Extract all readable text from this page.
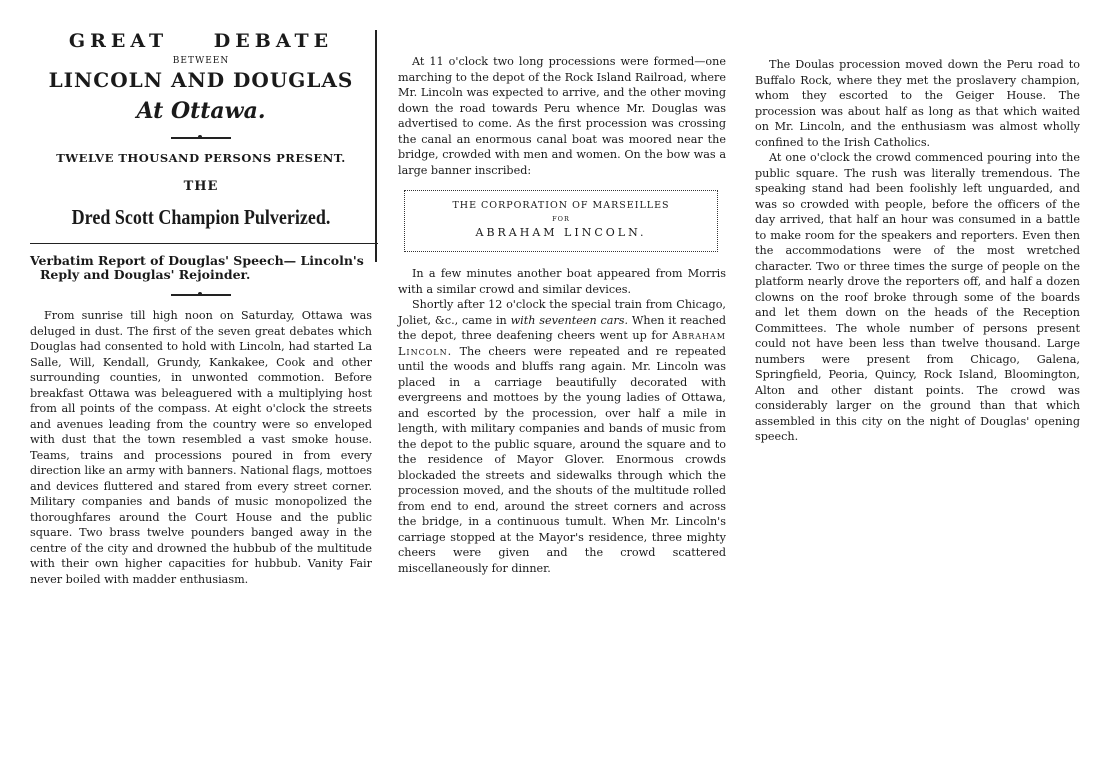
GREAT DEBATE
BETWEEN
LINCOLN AND DOUGLAS
At Ottawa.
TWELVE THOUSAND PERSONS PRESENT.
THE
Dred Scott Champion Pulverized.
Verbatim Report of Douglas' Speech— Lincoln's Reply and Douglas' Rejoinder.

From sunrise till high noon on Saturday, Ottawa was deluged in dust. The first of the seven great debates which Douglas had consented to hold with Lincoln, had started La Salle, Will, Kendall, Grundy, Kankakee, Cook and other surrounding counties, in unwonted commotion. Before breakfast Ottawa was beleaguered with a multiplying host from all points of the compass. At eight o'clock the streets and avenues leading from the country were so enveloped with dust that the town resembled a vast smoke house. Teams, trains and processions poured in from every direction like an army with banners. National flags, mottoes and devices fluttered and stared from every street corner. Military companies and bands of music monopolized the thoroughfares around the Court House and the public square. Two brass twelve pounders banged away in the centre of the city and drowned the hubbub of the multitude with their own higher capacities for hubbub. Vanity Fair never boiled with madder enthusiasm.

At 11 o'clock two long processions were formed—one marching to the depot of the Rock Island Railroad, where Mr. Lincoln was expected to arrive, and the other moving down the road towards Peru whence Mr. Douglas was advertised to come. As the first procession was crossing the canal an enormous canal boat was moored near the bridge, crowded with men and women. On the bow was a large banner inscribed:

THE CORPORATION OF MARSEILLES
FOR
ABRAHAM LINCOLN.

In a few minutes another boat appeared from Morris with a similar crowd and similar devices.

Shortly after 12 o'clock the special train from Chicago, Joliet, &c., came in with seventeen cars. When it reached the depot, three deafening cheers went up for Abraham Lincoln. The cheers were repeated and re repeated until the woods and bluffs rang again. Mr. Lincoln was placed in a carriage beautifully decorated with evergreens and mottoes by the young ladies of Ottawa, and escorted by the procession, over half a mile in length, with military companies and bands of music from the depot to the public square, around the square and to the residence of Mayor Glover. Enormous crowds blockaded the streets and sidewalks through which the procession moved, and the shouts of the multitude rolled from end to end, around the street corners and across the bridge, in a continuous tumult. When Mr. Lincoln's carriage stopped at the Mayor's residence, three mighty cheers were given and the crowd scattered miscellaneously for dinner.

The Doulas procession moved down the Peru road to Buffalo Rock, where they met the proslavery champion, whom they escorted to the Geiger House. The procession was about half as long as that which waited on Mr. Lincoln, and the enthusiasm was almost wholly confined to the Irish Catholics.

At one o'clock the crowd commenced pouring into the public square. The rush was literally tremendous. The speaking stand had been foolishly left unguarded, and was so crowded with people, before the officers of the day arrived, that half an hour was consumed in a battle to make room for the speakers and reporters. Even then the accommodations were of the most wretched character. Two or three times the surge of people on the platform nearly drove the reporters off, and half a dozen clowns on the roof broke through some of the boards and let them down on the heads of the Reception Committees. The whole number of persons present could not have been less than twelve thousand. Large numbers were present from Chicago, Galena, Springfield, Peoria, Quincy, Rock Island, Bloomington, Alton and other distant points. The crowd was considerably larger on the ground than that which assembled in this city on the night of Douglas' opening speech.
